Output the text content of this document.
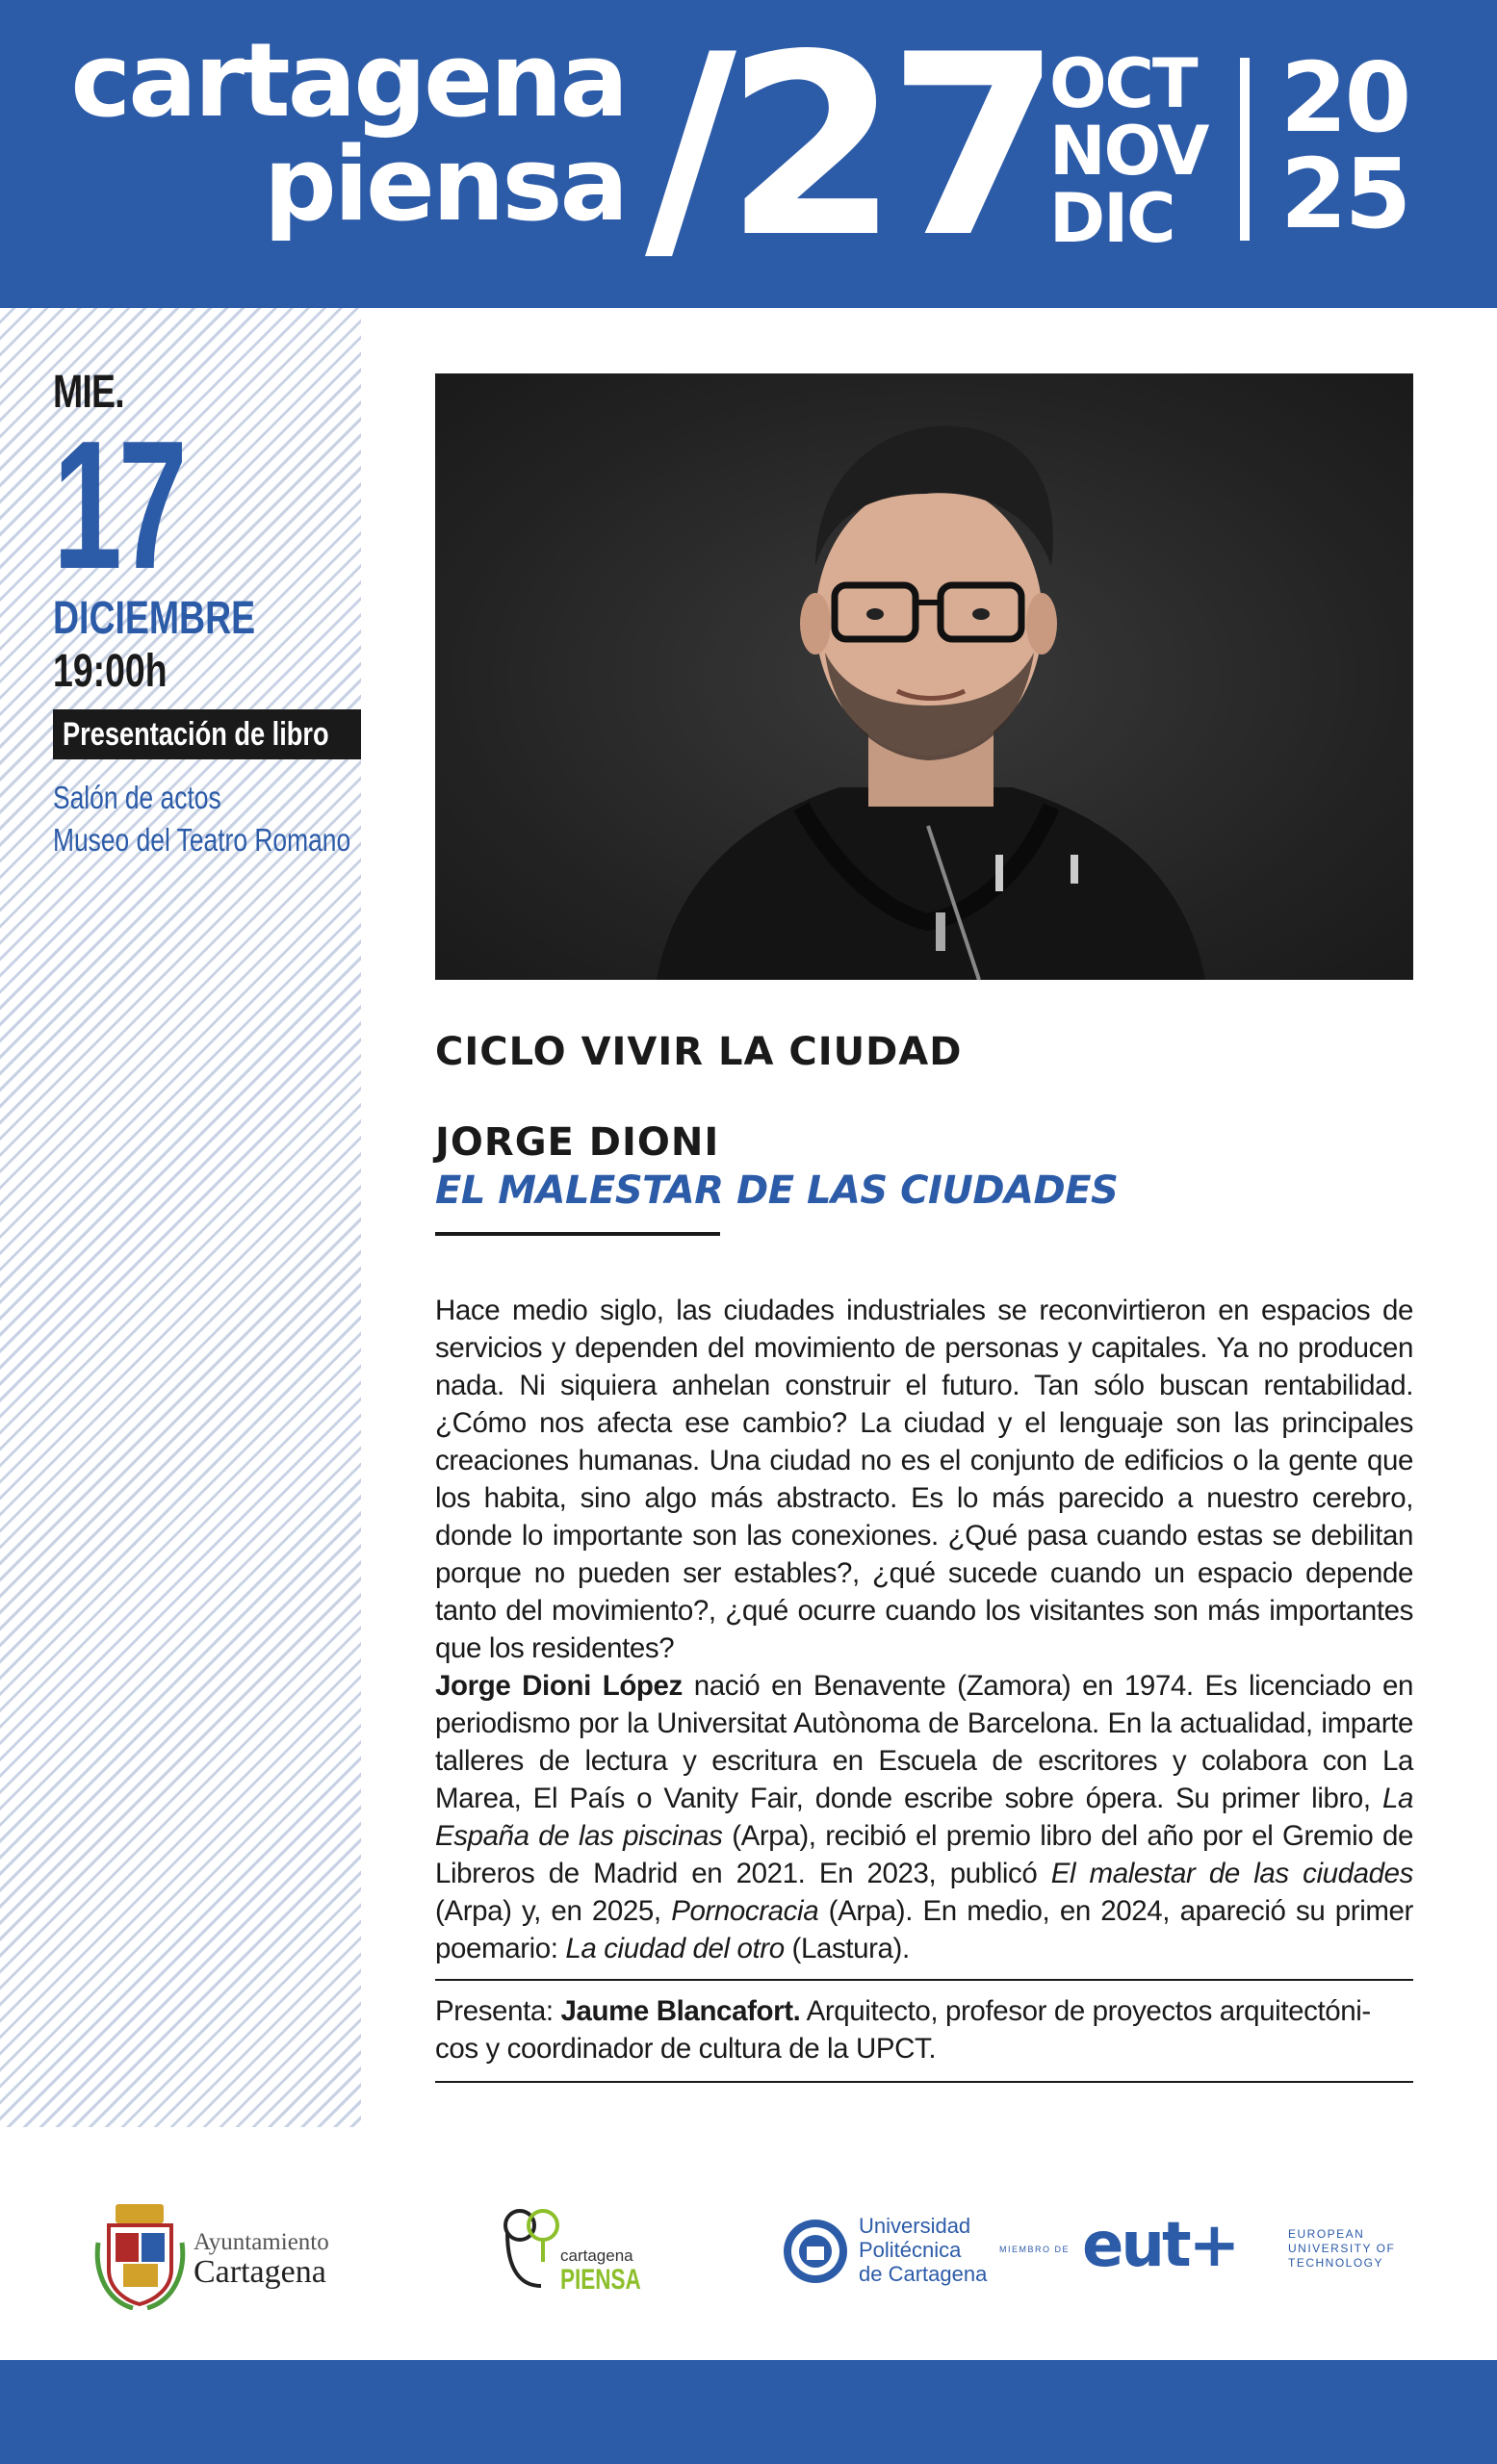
cartagena
piensa /27 OCT
NOV
DIC
20
25
MIE.
17
DICIEMBRE
19:00h
Presentación de libro
Salón de actos
Museo del Teatro Romano
CICLO VIVIR LA CIUDAD
JORGE DIONI
EL MALESTAR DE LAS CIUDADES

Hace medio siglo, las ciudades industriales se reconvirtieron en espacios de servicios y dependen del movimiento de personas y capitales. Ya no producen nada. Ni siquiera anhelan construir el futuro. Tan sólo buscan rentabilidad. ¿Cómo nos afecta ese cambio? La ciudad y el lenguaje son las principales creaciones humanas. Una ciudad no es el conjunto de edificios o la gente que los habita, sino algo más abstracto. Es lo más parecido a nuestro cerebro, donde lo importante son las conexiones. ¿Qué pasa cuando estas se debilitan porque no pueden ser estables?, ¿qué sucede cuando un espacio depende tanto del movimiento?, ¿qué ocurre cuando los visitantes son más importantes que los residentes?

Jorge Dioni López nació en Benavente (Zamora) en 1974. Es licenciado en periodismo por la Universitat Autònoma de Barcelona. En la actualidad, imparte talleres de lectura y escritura en Escuela de escritores y colabora con La Marea, El País o Vanity Fair, donde escribe sobre ópera. Su primer libro, La España de las piscinas (Arpa), recibió el premio libro del año por el Gremio de Libreros de Madrid en 2021. En 2023, publicó El malestar de las ciudades (Arpa) y, en 2025, Pornocracia (Arpa). En medio, en 2024, apareció su primer poemario: La ciudad del otro (Lastura).

Presenta: Jaume Blancafort. Arquitecto, profesor de proyectos arquitectóni-cos y coordinador de cultura de la UPCT.
Ayuntamiento
Cartagena	cartagena
PIENSA
Universidad
Politécnica
de Cartagena
MIEMBRO DE eut+	EUROPEAN
UNIVERSITY OF
TECHNOLOGY
